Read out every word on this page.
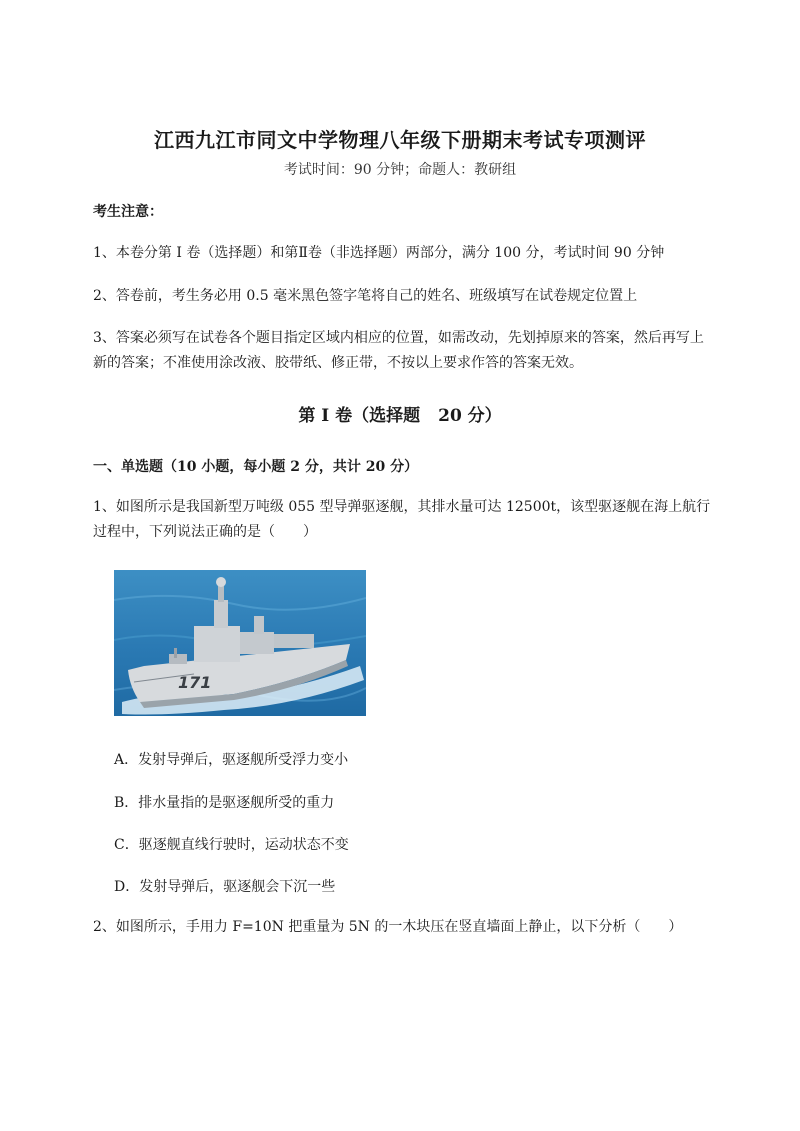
江西九江市同文中学物理八年级下册期末考试专项测评
考试时间：90 分钟；命题人：教研组
考生注意：
1、本卷分第 I 卷（选择题）和第Ⅱ卷（非选择题）两部分，满分 100 分，考试时间 90 分钟
2、答卷前，考生务必用 0.5 毫米黑色签字笔将自己的姓名、班级填写在试卷规定位置上
3、答案必须写在试卷各个题目指定区域内相应的位置，如需改动，先划掉原来的答案，然后再写上新的答案；不准使用涂改液、胶带纸、修正带，不按以上要求作答的答案无效。
第 I 卷（选择题 20 分）
一、单选题（10 小题，每小题 2 分，共计 20 分）
1、如图所示是我国新型万吨级 055 型导弹驱逐舰，其排水量可达 12500t，该型驱逐舰在海上航行过程中，下列说法正确的是（　　）
171
A．发射导弹后，驱逐舰所受浮力变小
B．排水量指的是驱逐舰所受的重力
C．驱逐舰直线行驶时，运动状态不变
D．发射导弹后，驱逐舰会下沉一些
2、如图所示，手用力 F=10N 把重量为 5N 的一木块压在竖直墙面上静止，以下分析（　　）
